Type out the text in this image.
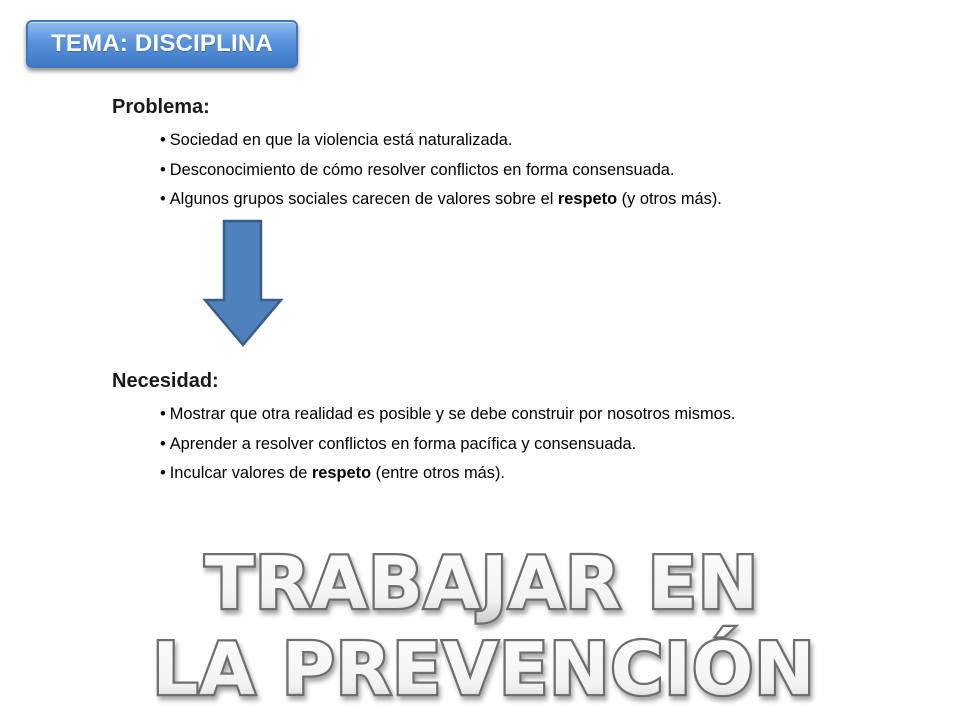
TEMA: DISCIPLINA
Problema:
• Sociedad en que la violencia está naturalizada.
• Desconocimiento de cómo resolver conflictos en forma consensuada.
• Algunos grupos sociales carecen de valores sobre el respeto (y otros más).
Necesidad:
• Mostrar que otra realidad es posible y se debe construir por nosotros mismos.
• Aprender a resolver conflictos en forma pacífica y consensuada.
• Inculcar valores de respeto (entre otros más).
TRABAJAR EN
LA PREVENCIÓN
